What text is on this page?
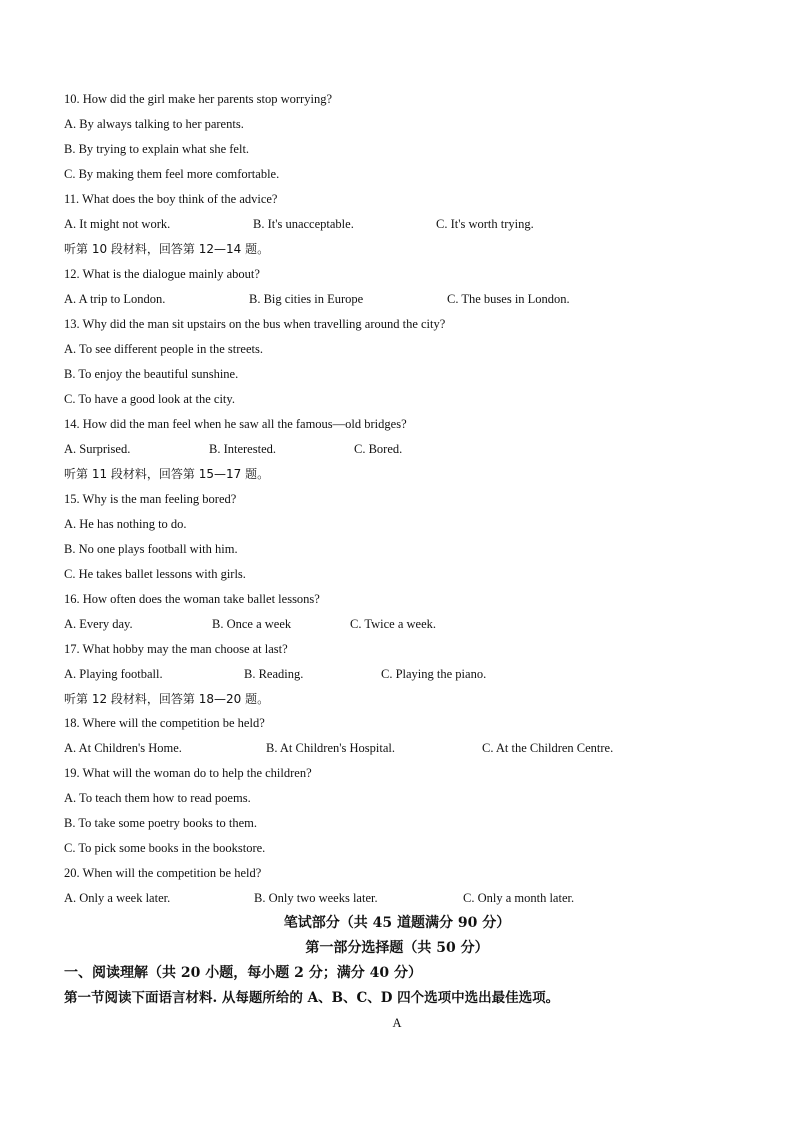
10. How did the girl make her parents stop worrying?
A. By always talking to her parents.
B. By trying to explain what she felt.
C. By making them feel more comfortable.
11. What does the boy think of the advice?
A. It might not work.	B. It's unacceptable.	C. It's worth trying.
听第 10 段材料，回答第 12—14 题。
12. What is the dialogue mainly about?
A. A trip to London.	B. Big cities in Europe	C. The buses in London.
13. Why did the man sit upstairs on the bus when travelling around the city?
A. To see different people in the streets.
B. To enjoy the beautiful sunshine.
C. To have a good look at the city.
14. How did the man feel when he saw all the famous—old bridges?
A. Surprised.	B. Interested.	C. Bored.
听第 11 段材料，回答第 15—17 题。
15. Why is the man feeling bored?
A. He has nothing to do.
B. No one plays football with him.
C. He takes ballet lessons with girls.
16. How often does the woman take ballet lessons?
A. Every day.	B. Once a week	C. Twice a week.
17. What hobby may the man choose at last?
A. Playing football.	B. Reading.	C. Playing the piano.
听第 12 段材料，回答第 18—20 题。
18. Where will the competition be held?
A. At Children's Home.	B. At Children's Hospital.	C. At the Children Centre.
19. What will the woman do to help the children?
A. To teach them how to read poems.
B. To take some poetry books to them.
C. To pick some books in the bookstore.
20. When will the competition be held?
A. Only a week later.	B. Only two weeks later.	C. Only a month later.
笔试部分（共 45 道题满分 90 分）
第一部分选择题（共 50 分）
一、阅读理解（共 20 小题，每小题 2 分；满分 40 分）
第一节阅读下面语言材料. 从每题所给的 A、B、C、D 四个选项中选出最佳选项。
A
